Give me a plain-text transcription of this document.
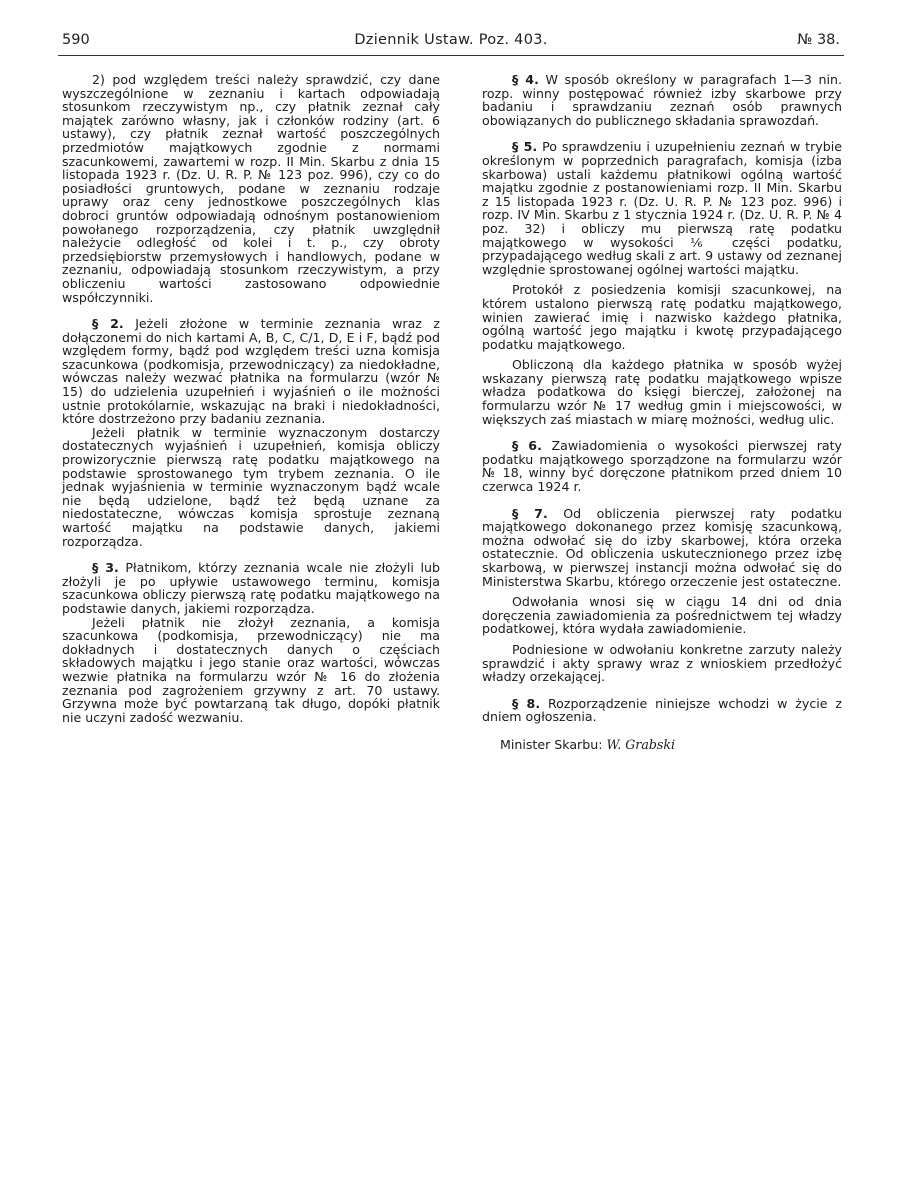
590	Dziennik Ustaw. Poz. 403.	№ 38.

2) pod względem treści należy sprawdzić, czy dane wyszczególnione w zeznaniu i kartach odpowiadają stosunkom rzeczywistym np., czy płatnik zeznał cały majątek zarówno własny, jak i członków rodziny (art. 6 ustawy), czy płatnik zeznał wartość poszczególnych przedmiotów majątkowych zgodnie z normami szacunkowemi, zawartemi w rozp. II Min. Skarbu z dnia 15 listopada 1923 r. (Dz. U. R. P. № 123 poz. 996), czy co do posiadłości gruntowych, podane w zeznaniu rodzaje uprawy oraz ceny jednostkowe poszczególnych klas dobroci gruntów odpowiadają odnośnym postanowieniom powołanego rozporządzenia, czy płatnik uwzględnił należycie odległość od kolei i t. p., czy obroty przedsiębiorstw przemysłowych i handlowych, podane w zeznaniu, odpowiadają stosunkom rzeczywistym, a przy obliczeniu wartości zastosowano odpowiednie współczynniki.

§ 2. Jeżeli złożone w terminie zeznania wraz z dołączonemi do nich kartami A, B, C, C/1, D, E i F, bądź pod względem formy, bądź pod względem treści uzna komisja szacunkowa (podkomisja, przewodniczący) za niedokładne, wówczas należy wezwać płatnika na formularzu (wzór № 15) do udzielenia uzupełnień i wyjaśnień o ile możności ustnie protokólarnie, wskazując na braki i niedokładności, które dostrzeżono przy badaniu zeznania.

Jeżeli płatnik w terminie wyznaczonym dostarczy dostatecznych wyjaśnień i uzupełnień, komisja obliczy prowizorycznie pierwszą ratę podatku majątkowego na podstawie sprostowanego tym trybem zeznania. O ile jednak wyjaśnienia w terminie wyznaczonym bądź wcale nie będą udzielone, bądź też będą uznane za niedostateczne, wówczas komisja sprostuje zeznaną wartość majątku na podstawie danych, jakiemi rozporządza.

§ 3. Płatnikom, którzy zeznania wcale nie złożyli lub złożyli je po upływie ustawowego terminu, komisja szacunkowa obliczy pierwszą ratę podatku majątkowego na podstawie danych, jakiemi rozporządza.

Jeżeli płatnik nie złożył zeznania, a komisja szacunkowa (podkomisja, przewodniczący) nie ma dokładnych i dostatecznych danych o częściach składowych majątku i jego stanie oraz wartości, wówczas wezwie płatnika na formularzu wzór № 16 do złożenia zeznania pod zagrożeniem grzywny z art. 70 ustawy. Grzywna może być powtarzaną tak długo, dopóki płatnik nie uczyni zadość wezwaniu.

§ 4. W sposób określony w paragrafach 1—3 nin. rozp. winny postępować również izby skarbowe przy badaniu i sprawdzaniu zeznań osób prawnych obowiązanych do publicznego składania sprawozdań.

§ 5. Po sprawdzeniu i uzupełnieniu zeznań w trybie określonym w poprzednich paragrafach, komisja (izba skarbowa) ustali każdemu płatnikowi ogólną wartość majątku zgodnie z postanowieniami rozp. II Min. Skarbu z 15 listopada 1923 r. (Dz. U. R. P. № 123 poz. 996) i rozp. IV Min. Skarbu z 1 stycznia 1924 r. (Dz. U. R. P. № 4 poz. 32) i obliczy mu pierwszą ratę podatku majątkowego w wysokości ⅙ części podatku, przypadającego według skali z art. 9 ustawy od zeznanej względnie sprostowanej ogólnej wartości majątku.

Protokół z posiedzenia komisji szacunkowej, na którem ustalono pierwszą ratę podatku majątkowego, winien zawierać imię i nazwisko każdego płatnika, ogólną wartość jego majątku i kwotę przypadającego podatku majątkowego.

Obliczoną dla każdego płatnika w sposób wyżej wskazany pierwszą ratę podatku majątkowego wpisze władza podatkowa do księgi bierczej, założonej na formularzu wzór № 17 według gmin i miejscowości, w większych zaś miastach w miarę możności, według ulic.

§ 6. Zawiadomienia o wysokości pierwszej raty podatku majątkowego sporządzone na formularzu wzór № 18, winny być doręczone płatnikom przed dniem 10 czerwca 1924 r.

§ 7. Od obliczenia pierwszej raty podatku majątkowego dokonanego przez komisję szacunkową, można odwołać się do izby skarbowej, która orzeka ostatecznie. Od obliczenia uskutecznionego przez izbę skarbową, w pierwszej instancji można odwołać się do Ministerstwa Skarbu, którego orzeczenie jest ostateczne.

Odwołania wnosi się w ciągu 14 dni od dnia doręczenia zawiadomienia za pośrednictwem tej władzy podatkowej, która wydała zawiadomienie.

Podniesione w odwołaniu konkretne zarzuty należy sprawdzić i akty sprawy wraz z wnioskiem przedłożyć władzy orzekającej.

§ 8. Rozporządzenie niniejsze wchodzi w życie z dniem ogłoszenia.

Minister Skarbu: W. Grabski
